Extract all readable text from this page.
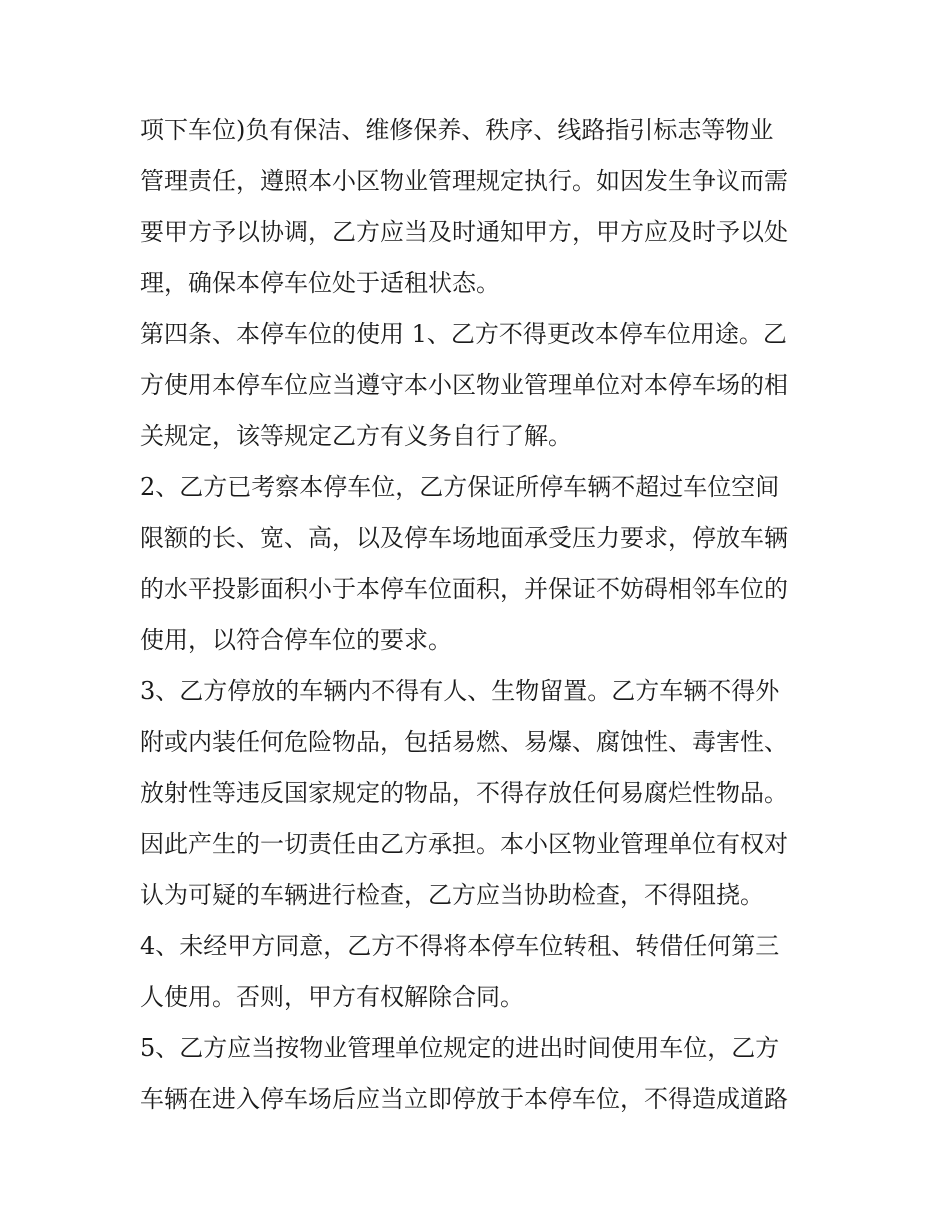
项下车位)负有保洁、维修保养、秩序、线路指引标志等物业
管理责任，遵照本小区物业管理规定执行。如因发生争议而需
要甲方予以协调，乙方应当及时通知甲方，甲方应及时予以处
理，确保本停车位处于适租状态。

第四条、本停车位的使用 1、乙方不得更改本停车位用途。乙
方使用本停车位应当遵守本小区物业管理单位对本停车场的相
关规定，该等规定乙方有义务自行了解。

2、乙方已考察本停车位，乙方保证所停车辆不超过车位空间
限额的长、宽、高，以及停车场地面承受压力要求，停放车辆
的水平投影面积小于本停车位面积，并保证不妨碍相邻车位的
使用，以符合停车位的要求。

3、乙方停放的车辆内不得有人、生物留置。乙方车辆不得外
附或内装任何危险物品，包括易燃、易爆、腐蚀性、毒害性、
放射性等违反国家规定的物品，不得存放任何易腐烂性物品。
因此产生的一切责任由乙方承担。本小区物业管理单位有权对
认为可疑的车辆进行检查，乙方应当协助检查，不得阻挠。

4、未经甲方同意，乙方不得将本停车位转租、转借任何第三
人使用。否则，甲方有权解除合同。

5、乙方应当按物业管理单位规定的进出时间使用车位，乙方
车辆在进入停车场后应当立即停放于本停车位，不得造成道路
